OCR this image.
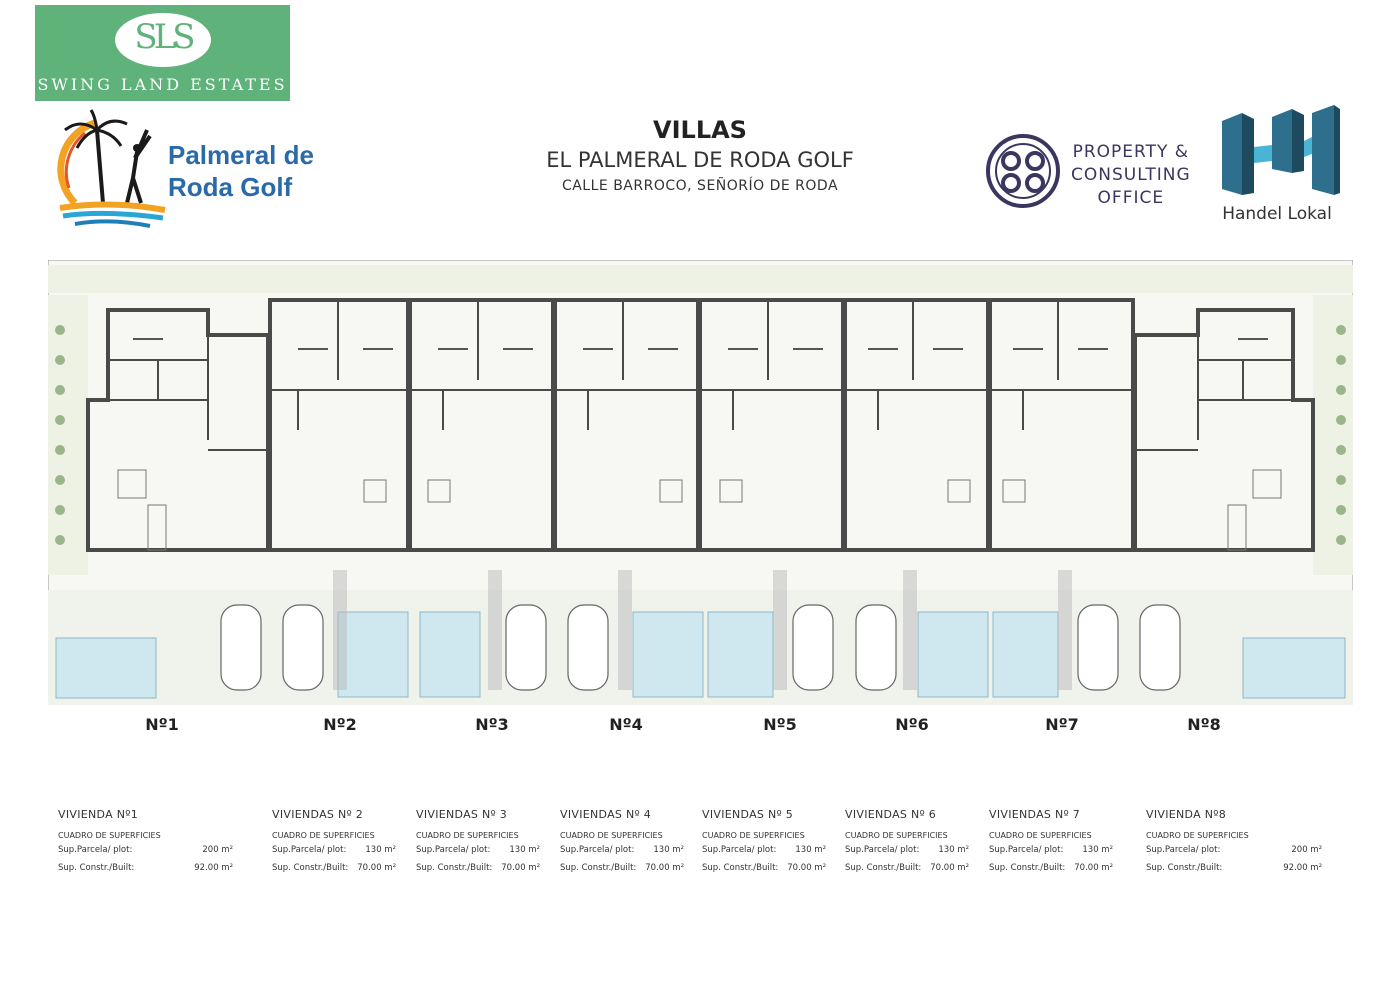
SLS
SWING LAND ESTATES
Palmeral de
Roda Golf
VILLAS
EL PALMERAL DE RODA GOLF
CALLE BARROCO, SEÑORÍO DE RODA
PROPERTY &
CONSULTING
OFFICE
Handel Lokal
Nº1	Nº2	Nº3	Nº4	Nº5	Nº6	Nº7	Nº8
VIVIENDA Nº1
CUADRO DE SUPERFICIES
Sup.Parcela/ plot:	200 m²
Sup. Constr./Built:	92.00 m²
VIVIENDAS Nº 2
CUADRO DE SUPERFICIES
Sup.Parcela/ plot: 130 m²
Sup. Constr./Built: 70.00 m²
VIVIENDAS Nº 3
CUADRO DE SUPERFICIES
Sup.Parcela/ plot: 130 m²
Sup. Constr./Built: 70.00 m²
VIVIENDAS Nº 4
CUADRO DE SUPERFICIES
Sup.Parcela/ plot: 130 m²
Sup. Constr./Built: 70.00 m²
VIVIENDAS Nº 5
CUADRO DE SUPERFICIES
Sup.Parcela/ plot: 130 m²
Sup. Constr./Built: 70.00 m²
VIVIENDAS Nº 6
CUADRO DE SUPERFICIES
Sup.Parcela/ plot: 130 m²
Sup. Constr./Built: 70.00 m²
VIVIENDAS Nº 7
CUADRO DE SUPERFICIES
Sup.Parcela/ plot: 130 m²
Sup. Constr./Built: 70.00 m²
VIVIENDA Nº8
CUADRO DE SUPERFICIES
Sup.Parcela/ plot:	200 m²
Sup. Constr./Built:	92.00 m²
